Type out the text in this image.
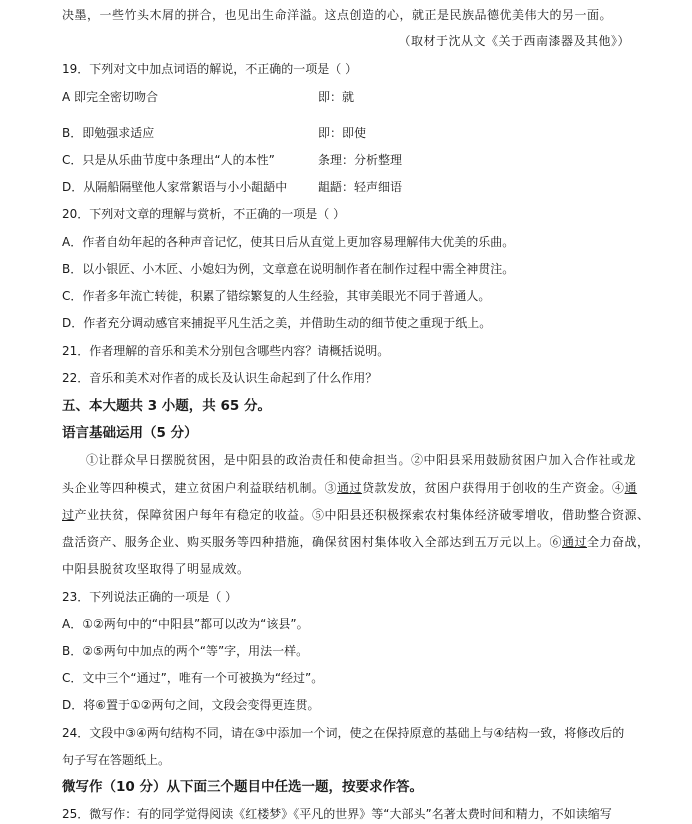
决墨，一些竹头木屑的拼合，也见出生命洋溢。这点创造的心，就正是民族品德优美伟大的另一面。
（取材于沈从文《关于西南漆器及其他》）
19．下列对文中加点词语的解说，不正确的一项是（ ）
A 即完全密切吻合	即：就
B．即勉强求适应	即：即使
C．只是从乐曲节度中条理出“人的本性”	条理：分析整理
D．从隔船隔壁他人家常絮语与小小龃龉中	龃龉：轻声细语
20．下列对文章的理解与赏析，不正确的一项是（ ）
A．作者自幼年起的各种声音记忆，使其日后从直觉上更加容易理解伟大优美的乐曲。
B．以小银匠、小木匠、小媳妇为例，文章意在说明制作者在制作过程中需全神贯注。
C．作者多年流亡转徙，积累了错综繁复的人生经验，其审美眼光不同于普通人。
D．作者充分调动感官来捕捉平凡生活之美，并借助生动的细节使之重现于纸上。
21．作者理解的音乐和美术分别包含哪些内容？请概括说明。
22．音乐和美术对作者的成长及认识生命起到了什么作用？
五、本大题共 3 小题，共 65 分。
语言基础运用（5 分）
①让群众早日摆脱贫困，是中阳县的政治责任和使命担当。②中阳县采用鼓励贫困户加入合作社或龙
头企业等四种模式，建立贫困户利益联结机制。③通过贷款发放，贫困户获得用于创收的生产资金。④通
过产业扶贫，保障贫困户每年有稳定的收益。⑤中阳县还积极探索农村集体经济破零增收，借助整合资源、
盘活资产、服务企业、购买服务等四种措施，确保贫困村集体收入全部达到五万元以上。⑥通过全力奋战，
中阳县脱贫攻坚取得了明显成效。
23．下列说法正确的一项是（ ）
A．①②两句中的“中阳县”都可以改为“该县”。
B．②⑤两句中加点的两个“等”字，用法一样。
C．文中三个“通过”，唯有一个可被换为“经过”。
D．将⑥置于①②两句之间，文段会变得更连贯。
24．文段中③④两句结构不同，请在③中添加一个词，使之在保持原意的基础上与④结构一致，将修改后的
句子写在答题纸上。
微写作（10 分）从下面三个题目中任选一题，按要求作答。
25．微写作：有的同学觉得阅读《红楼梦》《平凡的世界》等“大部头”名著太费时间和精力，不如读缩写
